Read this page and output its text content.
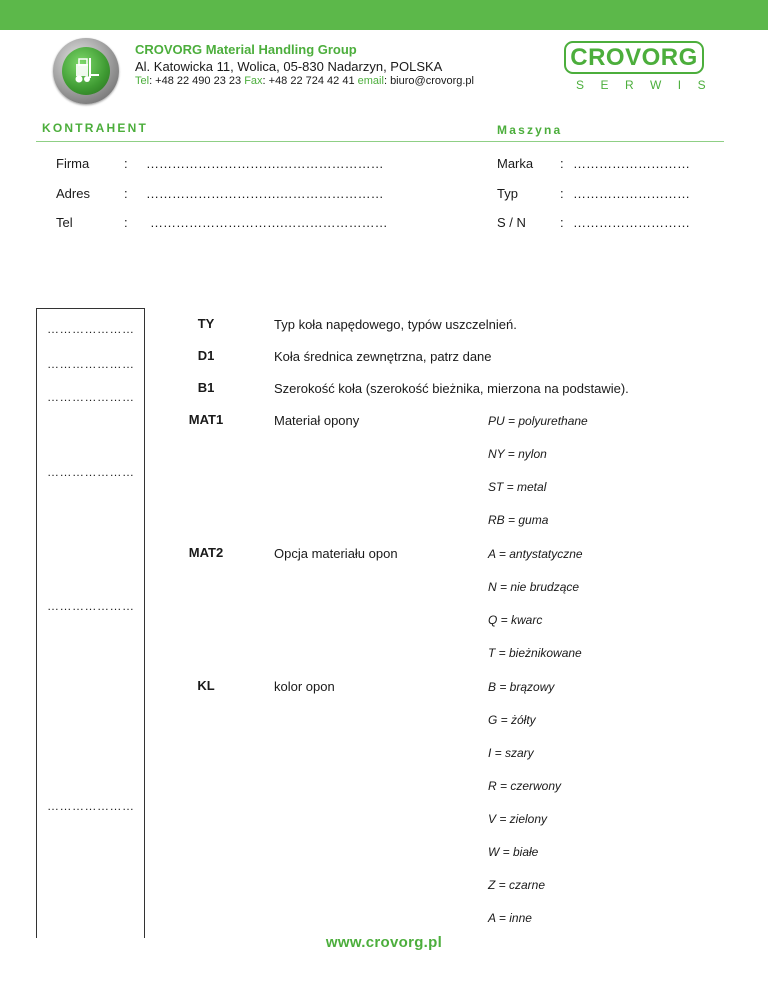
CROVORG Material Handling Group
Al. Katowicka 11, Wolica, 05-830 Nadarzyn, POLSKA
Tel: +48 22 490 23 23 Fax: +48 22 724 42 41 email: biuro@crovorg.pl
CROVORG
SERWIS
KONTRAHENT	Maszyna
Firma	: ………………………….……………………	Marka : ………………………
Adres	: ………………………….……………………	Typ	: ………………………
Tel	: ………………………….……………………	S / N	: ………………………
…………………
…………………
…………………
…………………
…………………
…………………
TY	Typ koła napędowego, typów uszczelnień.
D1	Koła średnica zewnętrzna, patrz dane
B1	Szerokość koła (szerokość bieżnika, mierzona na podstawie).
MAT1	Materiał opony	PU = polyurethane
NY = nylon
ST = metal
RB = guma
MAT2	Opcja materiału opon	A = antystatyczne
N = nie brudzące
Q = kwarc
T = bieżnikowane
KL	kolor opon	B = brązowy
G = żółty
I = szary
R = czerwony
V = zielony
W = białe
Z = czarne
A = inne
www.crovorg.pl
